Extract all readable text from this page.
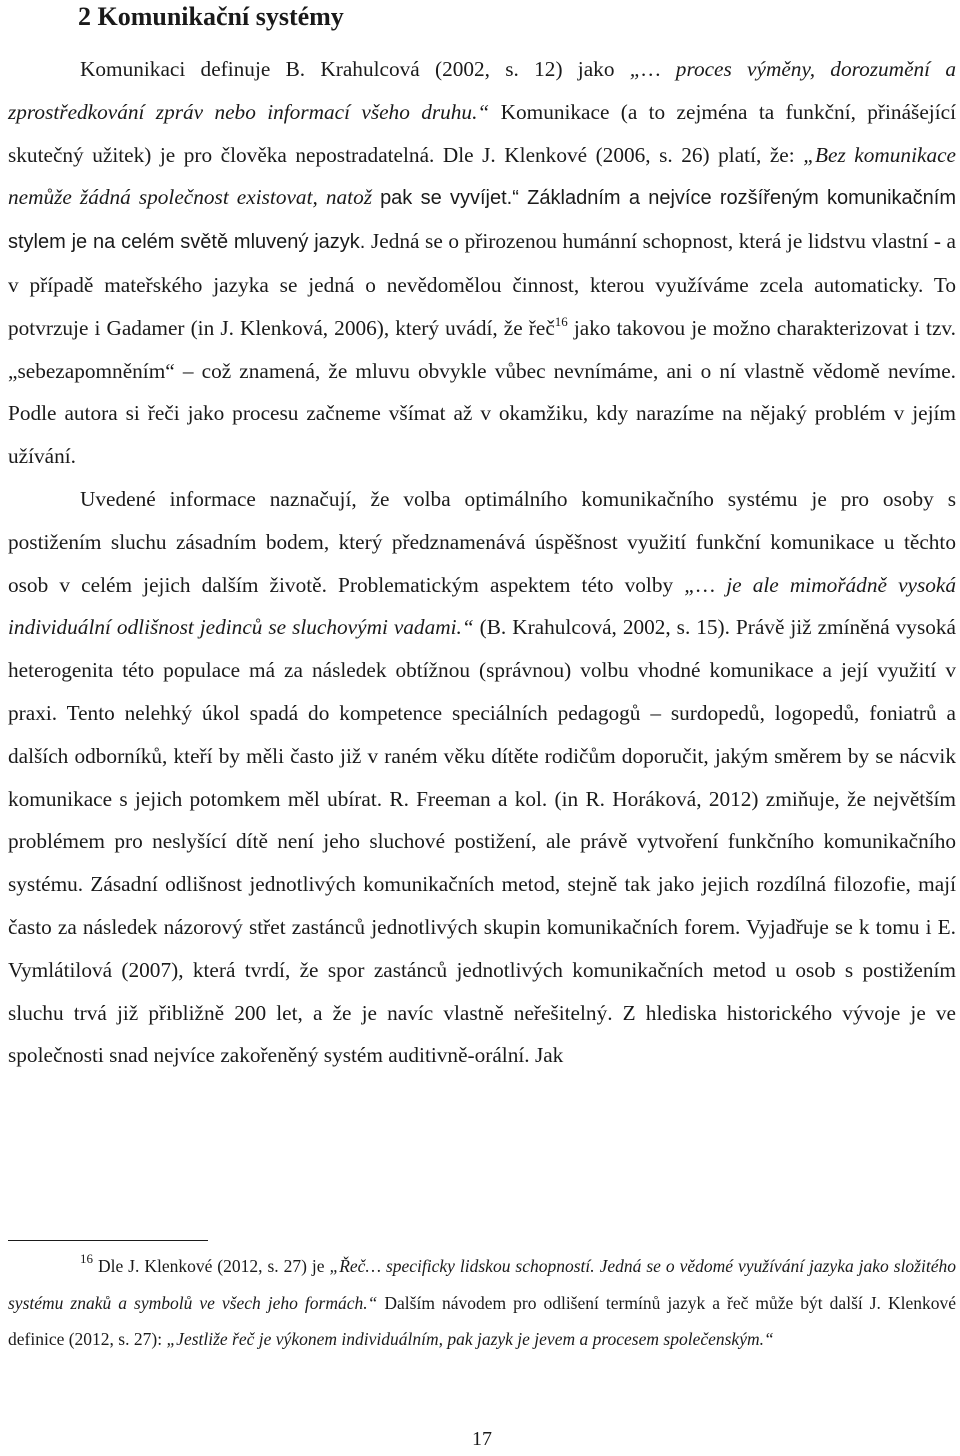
2 Komunikační systémy

Komunikaci definuje B. Krahulcová (2002, s. 12) jako „… proces výměny, dorozumění a zprostředkování zpráv nebo informací všeho druhu.“ Komunikace (a to zejména ta funkční, přinášející skutečný užitek) je pro člověka nepostradatelná. Dle J. Klenkové (2006, s. 26) platí, že: „Bez komunikace nemůže žádná společnost existovat, natož pak se vyvíjet.“ Základním a nejvíce rozšířeným komunikačním stylem je na celém světě mluvený jazyk. Jedná se o přirozenou humánní schopnost, která je lidstvu vlastní - a v případě mateřského jazyka se jedná o nevědomělou činnost, kterou využíváme zcela automaticky. To potvrzuje i Gadamer (in J. Klenková, 2006), který uvádí, že řeč$^{16}$ jako takovou je možno charakterizovat i tzv. „sebezapomněním“ – což znamená, že mluvu obvykle vůbec nevnímáme, ani o ní vlastně vědomě nevíme. Podle autora si řeči jako procesu začneme všímat až v okamžiku, kdy narazíme na nějaký problém v jejím užívání.

Uvedené informace naznačují, že volba optimálního komunikačního systému je pro osoby s postižením sluchu zásadním bodem, který předznamenává úspěšnost využití funkční komunikace u těchto osob v celém jejich dalším životě. Problematickým aspektem této volby „… je ale mimořádně vysoká individuální odlišnost jedinců se sluchovými vadami.“ (B. Krahulcová, 2002, s. 15). Právě již zmíněná vysoká heterogenita této populace má za následek obtížnou (správnou) volbu vhodné komunikace a její využití v praxi. Tento nelehký úkol spadá do kompetence speciálních pedagogů – surdopedů, logopedů, foniatrů a dalších odborníků, kteří by měli často již v raném věku dítěte rodičům doporučit, jakým směrem by se nácvik komunikace s jejich potomkem měl ubírat. R. Freeman a kol. (in R. Horáková, 2012) zmiňuje, že největším problémem pro neslyšící dítě není jeho sluchové postižení, ale právě vytvoření funkčního komunikačního systému. Zásadní odlišnost jednotlivých komunikačních metod, stejně tak jako jejich rozdílná filozofie, mají často za následek názorový střet zastánců jednotlivých skupin komunikačních forem. Vyjadřuje se k tomu i E. Vymlátilová (2007), která tvrdí, že spor zastánců jednotlivých komunikačních metod u osob s postižením sluchu trvá již přibližně 200 let, a že je navíc vlastně neřešitelný. Z hlediska historického vývoje je ve společnosti snad nejvíce zakořeněný systém auditivně-orální. Jak

$^{16}$ Dle J. Klenkové (2012, s. 27) je „Řeč… specificky lidskou schopností. Jedná se o vědomé využívání jazyka jako složitého systému znaků a symbolů ve všech jeho formách.“ Dalším návodem pro odlišení termínů jazyk a řeč může být další J. Klenkové definice (2012, s. 27): „Jestliže řeč je výkonem individuálním, pak jazyk je jevem a procesem společenským.“

17
